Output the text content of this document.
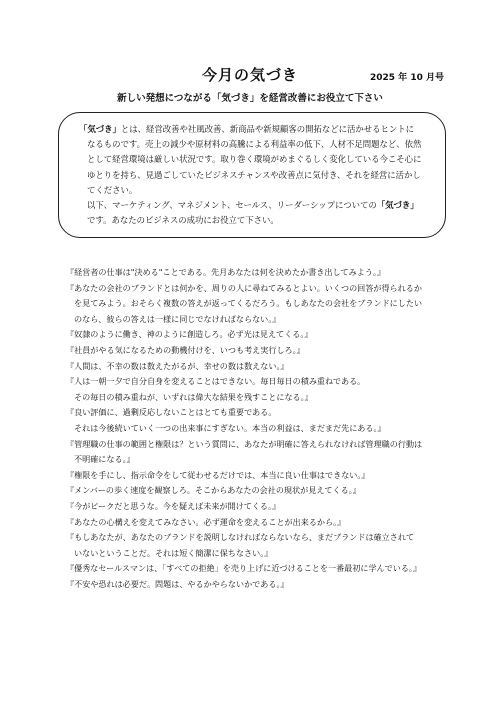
今月の気づき	2025 年 10 月号
新しい発想につながる「気づき」を経営改善にお役立て下さい

「気づき」とは、経営改善や社風改善、新商品や新規顧客の開拓などに活かせるヒントに

なるものです。売上の減少や原材料の高騰による利益率の低下、人材不足問題など、依然

として経営環境は厳しい状況です。取り巻く環境がめまぐるしく変化している今こそ心に

ゆとりを持ち、見過ごしていたビジネスチャンスや改善点に気付き、それを経営に活かし

てください。

以下、マーケティング、マネジメント、セールス、リーダーシップについての「気づき」

です。あなたのビジネスの成功にお役立て下さい。

『経営者の仕事は"決める"ことである。先月あなたは何を決めたか書き出してみよう。』
『あなたの会社のブランドとは何かを、周りの人に尋ねてみるとよい。いくつの回答が得られるか
を見てみよう。おそらく複数の答えが返ってくるだろう。もしあなたの会社をブランドにしたい
のなら、彼らの答えは一様に同じでなければならない。』
『奴隷のように働き、神のように創造しろ。必ず光は見えてくる。』
『社員がやる気になるための動機付けを、いつも考え実行しろ。』
『人間は、不幸の数は数えたがるが、幸せの数は数えない。』
『人は一朝一夕で自分自身を変えることはできない。毎日毎日の積み重ねである。
その毎日の積み重ねが、いずれは偉大な結果を残すことになる。』
『良い評価に、過剰反応しないことはとても重要である。
それは今後続いていく一つの出来事にすぎない。本当の利益は、まだまだ先にある。』
『管理職の仕事の範囲と権限は？という質問に、あなたが明確に答えられなければ管理職の行動は
不明確になる。』
『権限を手にし、指示命令をして従わせるだけでは、本当に良い仕事はできない。』
『メンバーの歩く速度を観察しろ。そこからあなたの会社の現状が見えてくる。』
『今がピークだと思うな。今を疑えば未来が開けてくる。』
『あなたの心構えを変えてみなさい。必ず運命を変えることが出来るから。』
『もしあなたが、あなたのブランドを説明しなければならないなら、まだブランドは確立されて
いないということだ。それは短く簡潔に保ちなさい。』
『優秀なセールスマンは、「すべての拒絶」を売り上げに近づけることを一番最初に学んでいる。』
『不安や恐れは必要だ。問題は、やるかやらないかである。』
